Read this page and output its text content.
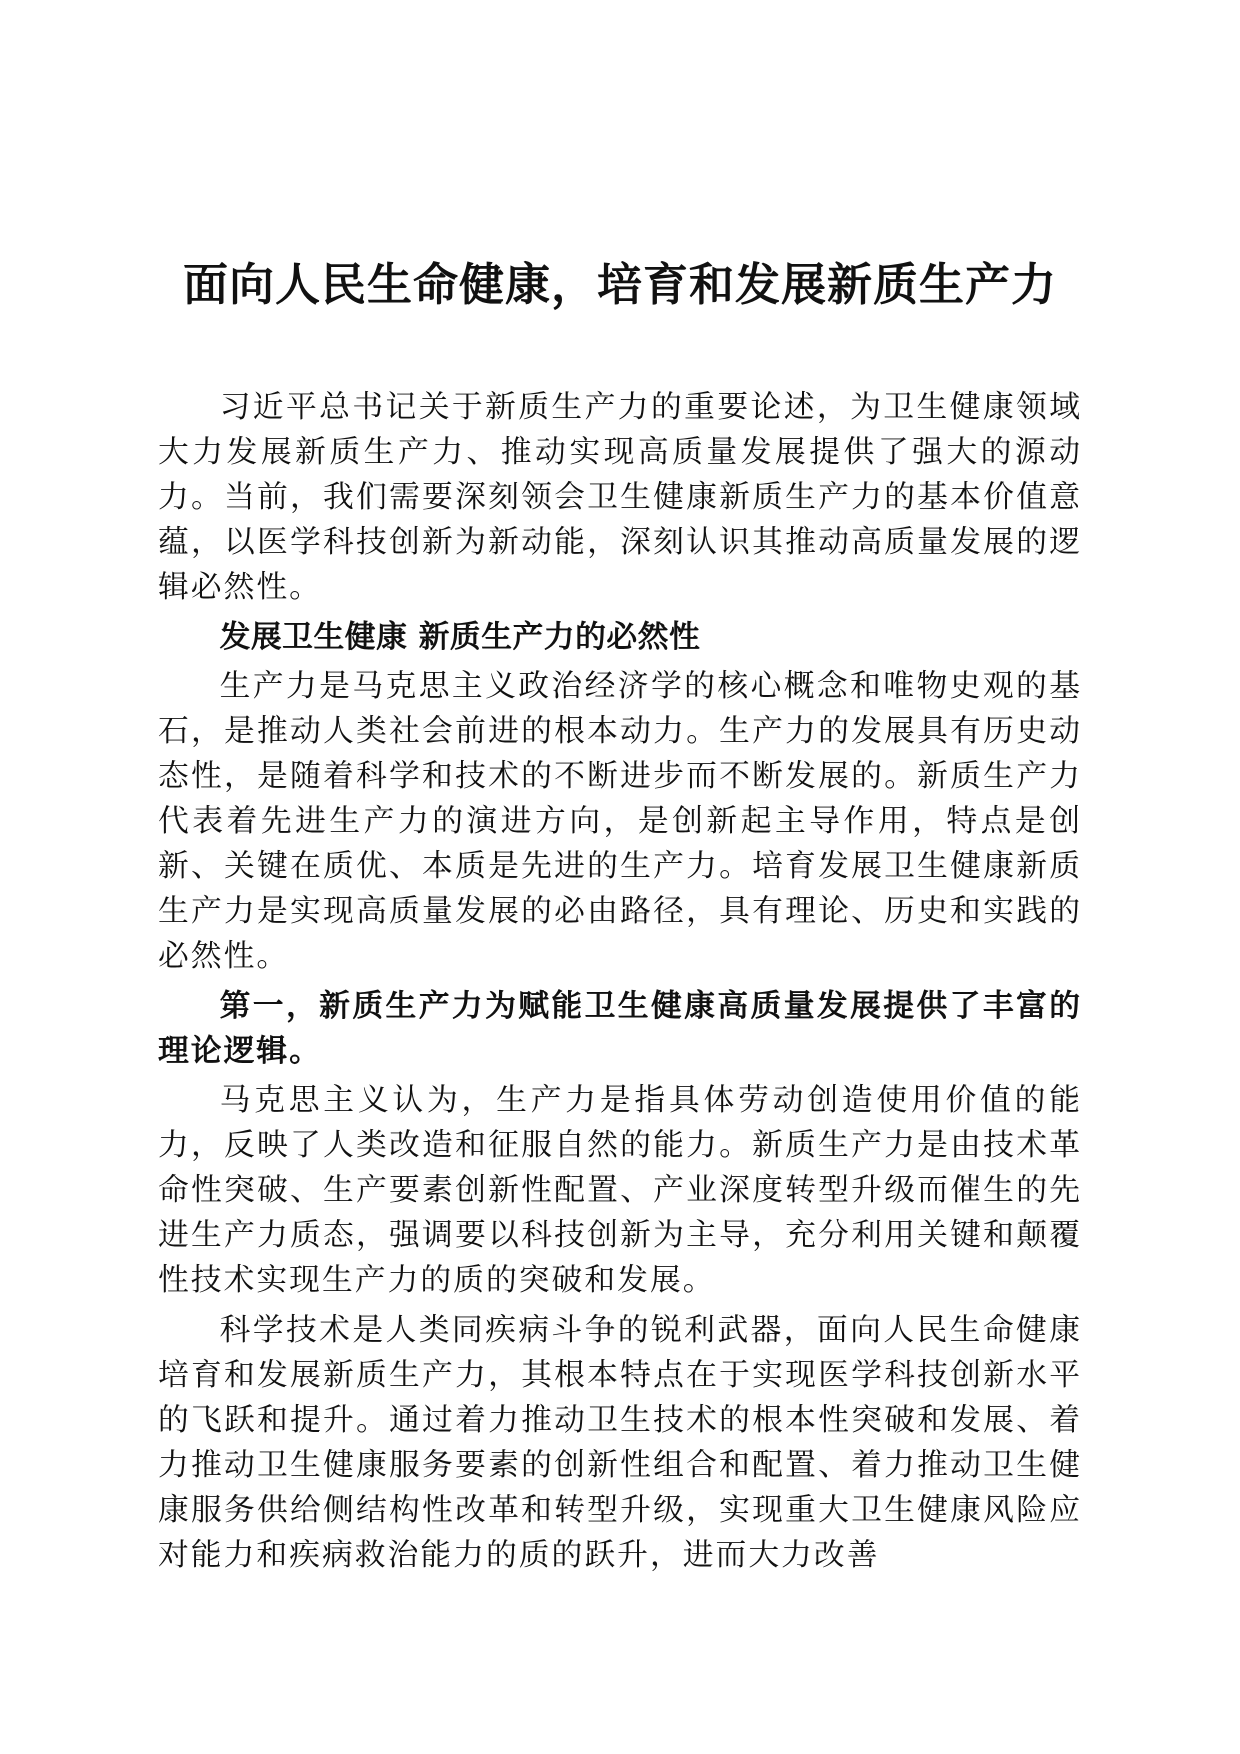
面向人民生命健康，培育和发展新质生产力

习近平总书记关于新质生产力的重要论述，为卫生健康领域大力发展新质生产力、推动实现高质量发展提供了强大的源动力。当前，我们需要深刻领会卫生健康新质生产力的基本价值意蕴，以医学科技创新为新动能，深刻认识其推动高质量发展的逻辑必然性。

发展卫生健康 新质生产力的必然性

生产力是马克思主义政治经济学的核心概念和唯物史观的基石，是推动人类社会前进的根本动力。生产力的发展具有历史动态性，是随着科学和技术的不断进步而不断发展的。新质生产力代表着先进生产力的演进方向，是创新起主导作用，特点是创新、关键在质优、本质是先进的生产力。培育发展卫生健康新质生产力是实现高质量发展的必由路径，具有理论、历史和实践的必然性。

第一，新质生产力为赋能卫生健康高质量发展提供了丰富的理论逻辑。

马克思主义认为，生产力是指具体劳动创造使用价值的能力，反映了人类改造和征服自然的能力。新质生产力是由技术革命性突破、生产要素创新性配置、产业深度转型升级而催生的先进生产力质态，强调要以科技创新为主导，充分利用关键和颠覆性技术实现生产力的质的突破和发展。

科学技术是人类同疾病斗争的锐利武器，面向人民生命健康培育和发展新质生产力，其根本特点在于实现医学科技创新水平的飞跃和提升。通过着力推动卫生技术的根本性突破和发展、着力推动卫生健康服务要素的创新性组合和配置、着力推动卫生健康服务供给侧结构性改革和转型升级，实现重大卫生健康风险应对能力和疾病救治能力的质的跃升，进而大力改善
